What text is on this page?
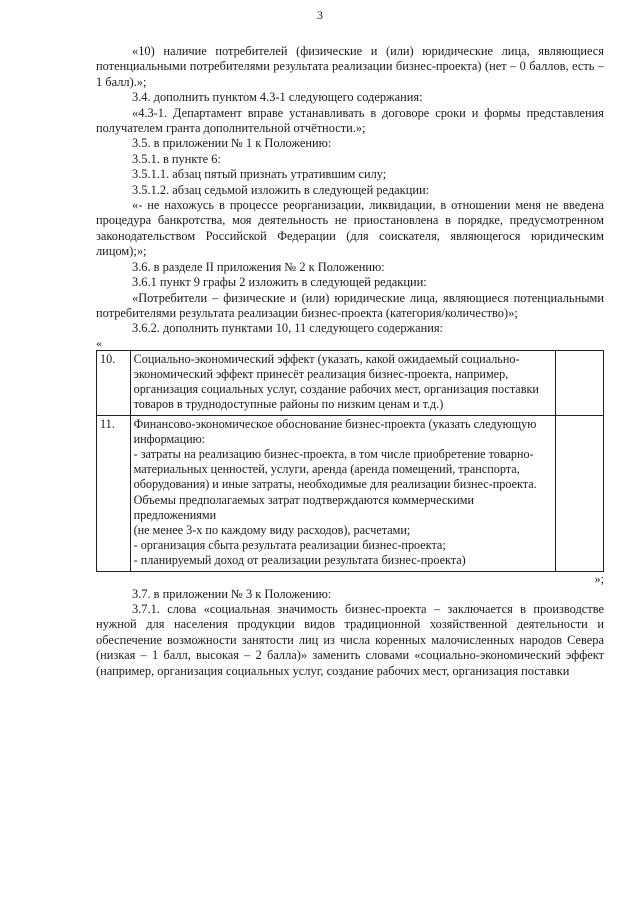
3

«10) наличие потребителей (физические и (или) юридические лица, являющиеся потенциальными потребителями результата реализации бизнес-проекта) (нет – 0 баллов, есть – 1 балл).»;

3.4. дополнить пунктом 4.3-1 следующего содержания:

«4.3-1. Департамент вправе устанавливать в договоре сроки и формы представления получателем гранта дополнительной отчётности.»;

3.5. в приложении № 1 к Положению:

3.5.1. в пункте 6:

3.5.1.1. абзац пятый признать утратившим силу;

3.5.1.2. абзац седьмой изложить в следующей редакции:

«- не нахожусь в процессе реорганизации, ликвидации, в отношении меня не введена процедура банкротства, моя деятельность не приостановлена в порядке, предусмотренном законодательством Российской Федерации (для соискателя, являющегося юридическим лицом);»;

3.6. в разделе II приложения № 2 к Положению:

3.6.1 пункт 9 графы 2 изложить в следующей редакции:

«Потребители – физические и (или) юридические лица, являющиеся потенциальными потребителями результата реализации бизнес-проекта (категория/количество)»;

3.6.2. дополнить пунктами 10, 11 следующего содержания:

«

10.	Социально-экономический эффект (указать, какой ожидаемый социально-экономический эффект принесёт реализация бизнес-проекта, например, организация социальных услуг, создание рабочих мест, организация поставки товаров в труднодоступные районы по низким ценам и т.д.)	

11.	Финансово-экономическое обоснование бизнес-проекта (указать следующую информацию:
- затраты на реализацию бизнес-проекта, в том числе приобретение товарно-материальных ценностей, услуги, аренда (аренда помещений, транспорта, оборудования) и иные затраты, необходимые для реализации бизнес-проекта. Объемы предполагаемых затрат подтверждаются коммерческими предложениями
(не менее 3-х по каждому виду расходов), расчетами;
- организация сбыта результата реализации бизнес-проекта;
- планируемый доход от реализации результата бизнес-проекта)	

»;

3.7. в приложении № 3 к Положению:

3.7.1. слова «социальная значимость бизнес-проекта – заключается в производстве нужной для населения продукции видов традиционной хозяйственной деятельности и обеспечение возможности занятости лиц из числа коренных малочисленных народов Севера (низкая – 1 балл, высокая – 2 балла)» заменить словами «социально-экономический эффект (например, организация социальных услуг, создание рабочих мест, организация поставки
